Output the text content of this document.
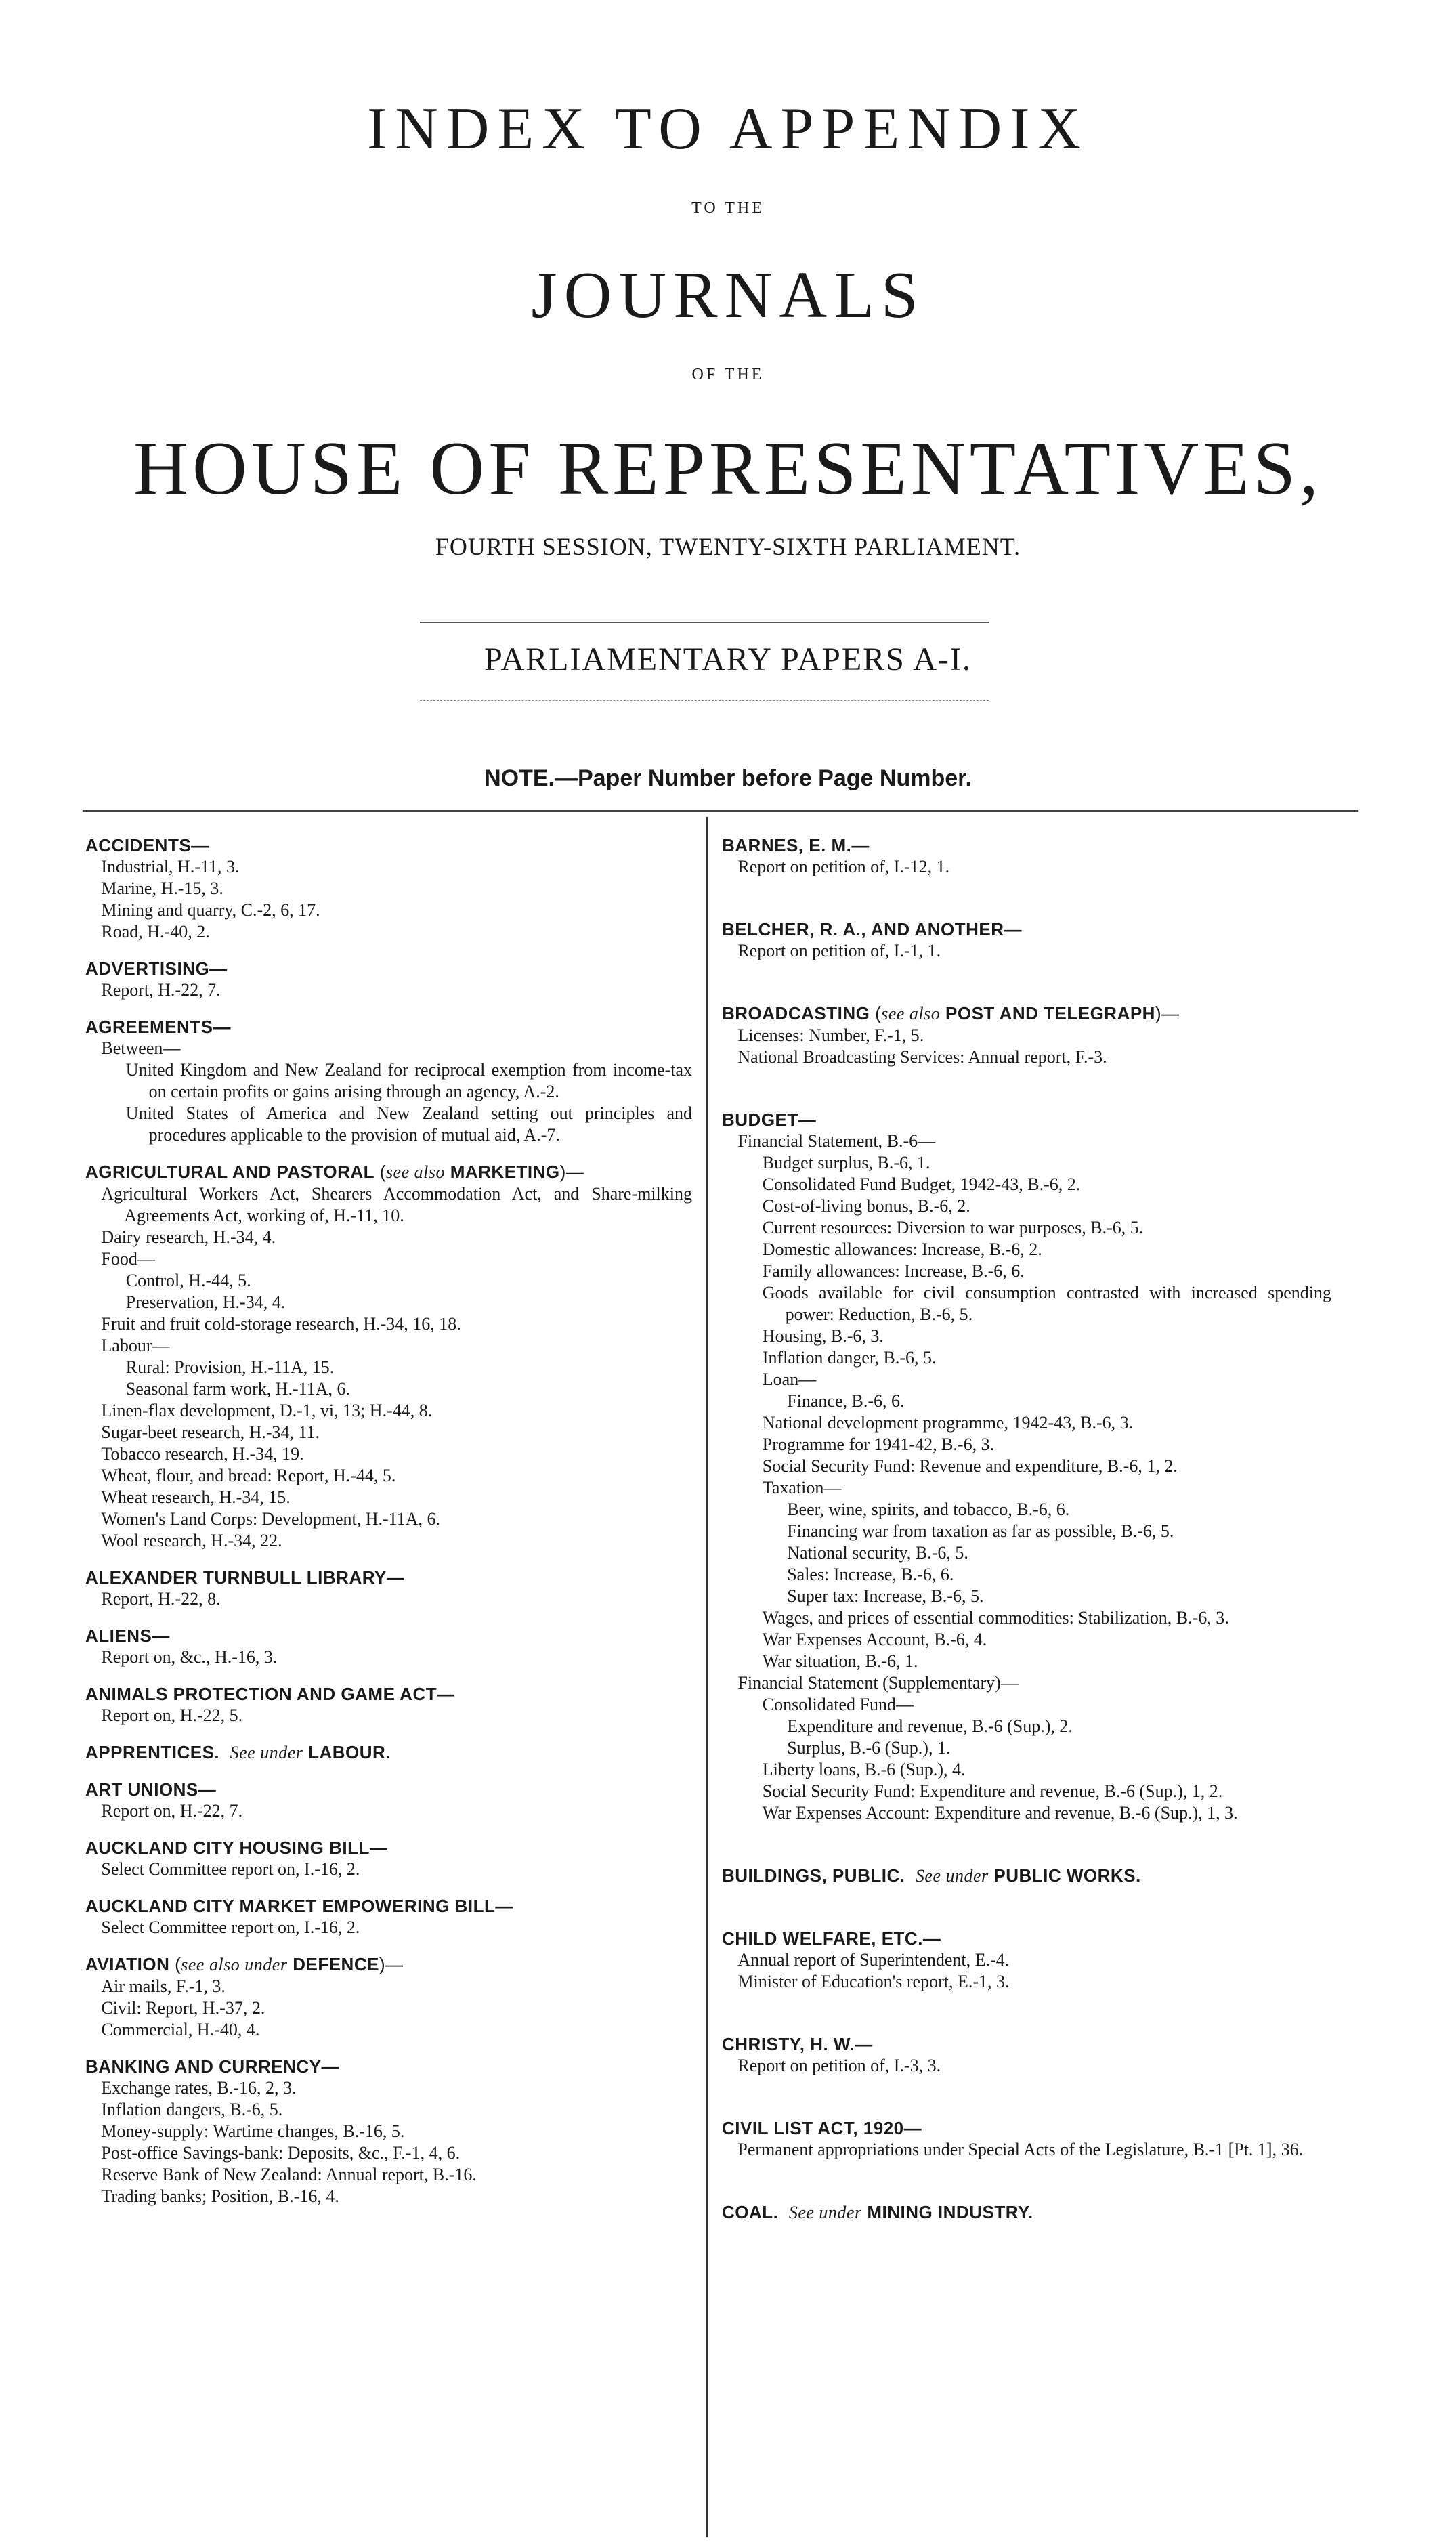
INDEX TO APPENDIX
TO THE
JOURNALS
OF THE
HOUSE OF REPRESENTATIVES,
FOURTH SESSION, TWENTY-SIXTH PARLIAMENT.
PARLIAMENTARY PAPERS A-I.
NOTE.—Paper Number before Page Number.
ACCIDENTS—
Industrial, H.-11, 3.
Marine, H.-15, 3.
Mining and quarry, C.-2, 6, 17.
Road, H.-40, 2.
ADVERTISING—
Report, H.-22, 7.
AGREEMENTS—
Between—
United Kingdom and New Zealand for reciprocal exemption from income-tax on certain profits or gains arising through an agency, A.-2.
United States of America and New Zealand setting out principles and procedures applicable to the provision of mutual aid, A.-7.
AGRICULTURAL AND PASTORAL (see also MARKETING)—
Agricultural Workers Act, Shearers Accommodation Act, and Share-milking Agreements Act, working of, H.-11, 10.
Dairy research, H.-34, 4.
Food—
Control, H.-44, 5.
Preservation, H.-34, 4.
Fruit and fruit cold-storage research, H.-34, 16, 18.
Labour—
Rural: Provision, H.-11A, 15.
Seasonal farm work, H.-11A, 6.
Linen-flax development, D.-1, vi, 13; H.-44, 8.
Sugar-beet research, H.-34, 11.
Tobacco research, H.-34, 19.
Wheat, flour, and bread: Report, H.-44, 5.
Wheat research, H.-34, 15.
Women's Land Corps: Development, H.-11A, 6.
Wool research, H.-34, 22.
ALEXANDER TURNBULL LIBRARY—
Report, H.-22, 8.
ALIENS—
Report on, &c., H.-16, 3.
ANIMALS PROTECTION AND GAME ACT—
Report on, H.-22, 5.
APPRENTICES. See under LABOUR.
ART UNIONS—
Report on, H.-22, 7.
AUCKLAND CITY HOUSING BILL—
Select Committee report on, I.-16, 2.
AUCKLAND CITY MARKET EMPOWERING BILL—
Select Committee report on, I.-16, 2.
AVIATION (see also under DEFENCE)—
Air mails, F.-1, 3.
Civil: Report, H.-37, 2.
Commercial, H.-40, 4.
BANKING AND CURRENCY—
Exchange rates, B.-16, 2, 3.
Inflation dangers, B.-6, 5.
Money-supply: Wartime changes, B.-16, 5.
Post-office Savings-bank: Deposits, &c., F.-1, 4, 6.
Reserve Bank of New Zealand: Annual report, B.-16.
Trading banks; Position, B.-16, 4.
BARNES, E. M.—
Report on petition of, I.-12, 1.
BELCHER, R. A., AND ANOTHER—
Report on petition of, I.-1, 1.
BROADCASTING (see also POST AND TELEGRAPH)—
Licenses: Number, F.-1, 5.
National Broadcasting Services: Annual report, F.-3.
BUDGET—
Financial Statement, B.-6—
Budget surplus, B.-6, 1.
Consolidated Fund Budget, 1942-43, B.-6, 2.
Cost-of-living bonus, B.-6, 2.
Current resources: Diversion to war purposes, B.-6, 5.
Domestic allowances: Increase, B.-6, 2.
Family allowances: Increase, B.-6, 6.
Goods available for civil consumption contrasted with increased spending power: Reduction, B.-6, 5.
Housing, B.-6, 3.
Inflation danger, B.-6, 5.
Loan—
Finance, B.-6, 6.
National development programme, 1942-43, B.-6, 3.
Programme for 1941-42, B.-6, 3.
Social Security Fund: Revenue and expenditure, B.-6, 1, 2.
Taxation—
Beer, wine, spirits, and tobacco, B.-6, 6.
Financing war from taxation as far as possible, B.-6, 5.
National security, B.-6, 5.
Sales: Increase, B.-6, 6.
Super tax: Increase, B.-6, 5.
Wages, and prices of essential commodities: Stabilization, B.-6, 3.
War Expenses Account, B.-6, 4.
War situation, B.-6, 1.
Financial Statement (Supplementary)—
Consolidated Fund—
Expenditure and revenue, B.-6 (Sup.), 2.
Surplus, B.-6 (Sup.), 1.
Liberty loans, B.-6 (Sup.), 4.
Social Security Fund: Expenditure and revenue, B.-6 (Sup.), 1, 2.
War Expenses Account: Expenditure and revenue, B.-6 (Sup.), 1, 3.
BUILDINGS, PUBLIC. See under PUBLIC WORKS.
CHILD WELFARE, ETC.—
Annual report of Superintendent, E.-4.
Minister of Education's report, E.-1, 3.
CHRISTY, H. W.—
Report on petition of, I.-3, 3.
CIVIL LIST ACT, 1920—
Permanent appropriations under Special Acts of the Legislature, B.-1 [Pt. 1], 36.
COAL. See under MINING INDUSTRY.
